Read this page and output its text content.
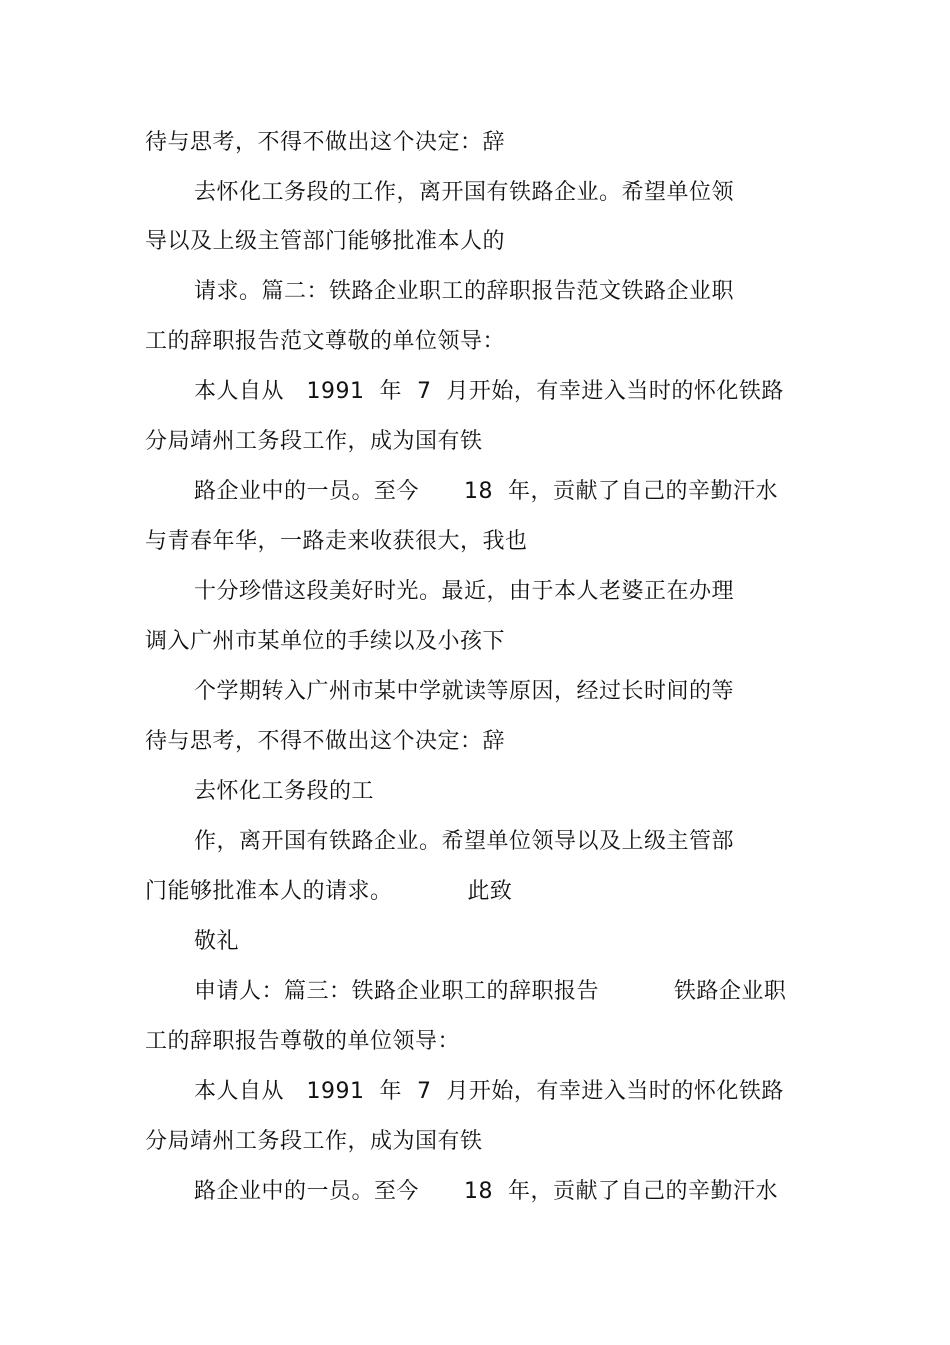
待与思考，不得不做出这个决定：辞
去怀化工务段的工作，离开国有铁路企业。希望单位领
导以及上级主管部门能够批准本人的
请求。篇二：铁路企业职工的辞职报告范文铁路企业职
工的辞职报告范文尊敬的单位领导：
本人自从   1991  年  7  月开始，有幸进入当时的怀化铁路
分局靖州工务段工作，成为国有铁
路企业中的一员。至今      18  年，贡献了自己的辛勤汗水
与青春年华，一路走来收获很大，我也
十分珍惜这段美好时光。最近，由于本人老婆正在办理
调入广州市某单位的手续以及小孩下
个学期转入广州市某中学就读等原因，经过长时间的等
待与思考，不得不做出这个决定：辞
去怀化工务段的工
作，离开国有铁路企业。希望单位领导以及上级主管部
门能够批准本人的请求。          此致
敬礼
申请人：篇三：铁路企业职工的辞职报告          铁路企业职
工的辞职报告尊敬的单位领导：
本人自从   1991  年  7  月开始，有幸进入当时的怀化铁路
分局靖州工务段工作，成为国有铁
路企业中的一员。至今      18  年，贡献了自己的辛勤汗水
